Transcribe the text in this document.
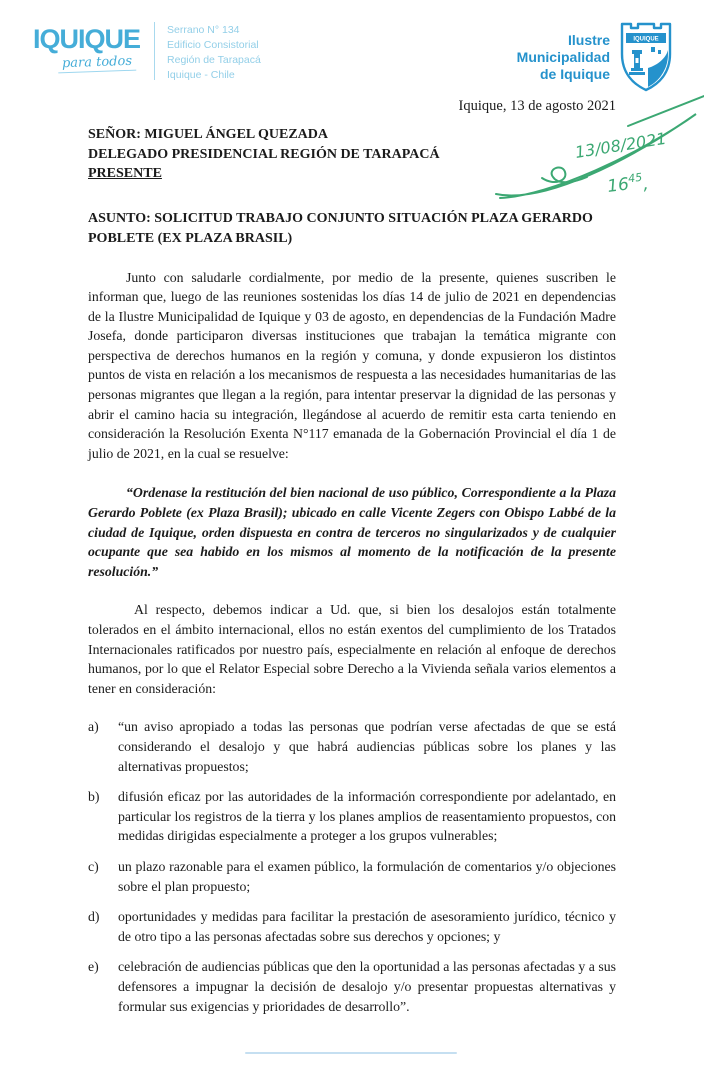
IQUIQUE
para todos
Serrano N° 134
Edificio Consistorial
Región de Tarapacá
Iquique - Chile
Ilustre
Municipalidad
de Iquique
IQUIQUE
13/08/2021
$16^{45}$,
Iquique, 13 de agosto 2021
SEÑOR: MIGUEL ÁNGEL QUEZADA
DELEGADO PRESIDENCIAL REGIÓN DE TARAPACÁ
PRESENTE
ASUNTO: SOLICITUD TRABAJO CONJUNTO SITUACIÓN PLAZA GERARDO POBLETE (EX PLAZA BRASIL)
Junto con saludarle cordialmente, por medio de la presente, quienes suscriben le informan que, luego de las reuniones sostenidas los días 14 de julio de 2021 en dependencias de la Ilustre Municipalidad de Iquique y 03 de agosto, en dependencias de la Fundación Madre Josefa, donde participaron diversas instituciones que trabajan la temática migrante con perspectiva de derechos humanos en la región y comuna, y donde expusieron los distintos puntos de vista en relación a los mecanismos de respuesta a las necesidades humanitarias de las personas migrantes que llegan a la región, para intentar preservar la dignidad de las personas y abrir el camino hacia su integración, llegándose al acuerdo de remitir esta carta teniendo en consideración la Resolución Exenta N°117 emanada de la Gobernación Provincial el día 1 de julio de 2021, en la cual se resuelve:
“Ordenase la restitución del bien nacional de uso público, Correspondiente a la Plaza Gerardo Poblete (ex Plaza Brasil); ubicado en calle Vicente Zegers con Obispo Labbé de la ciudad de Iquique, orden dispuesta en contra de terceros no singularizados y de cualquier ocupante que sea habido en los mismos al momento de la notificación de la presente resolución.”
Al respecto, debemos indicar a Ud. que, si bien los desalojos están totalmente tolerados en el ámbito internacional, ellos no están exentos del cumplimiento de los Tratados Internacionales ratificados por nuestro país, especialmente en relación al enfoque de derechos humanos, por lo que el Relator Especial sobre Derecho a la Vivienda señala varios elementos a tener en consideración:
a)	“un aviso apropiado a todas las personas que podrían verse afectadas de que se está considerando el desalojo y que habrá audiencias públicas sobre los planes y las alternativas propuestos;
b)	difusión eficaz por las autoridades de la información correspondiente por adelantado, en particular los registros de la tierra y los planes amplios de reasentamiento propuestos, con medidas dirigidas especialmente a proteger a los grupos vulnerables;
c)	un plazo razonable para el examen público, la formulación de comentarios y/o objeciones sobre el plan propuesto;
d)	oportunidades y medidas para facilitar la prestación de asesoramiento jurídico, técnico y de otro tipo a las personas afectadas sobre sus derechos y opciones; y
e)	celebración de audiencias públicas que den la oportunidad a las personas afectadas y a sus defensores a impugnar la decisión de desalojo y/o presentar propuestas alternativas y formular sus exigencias y prioridades de desarrollo”.
